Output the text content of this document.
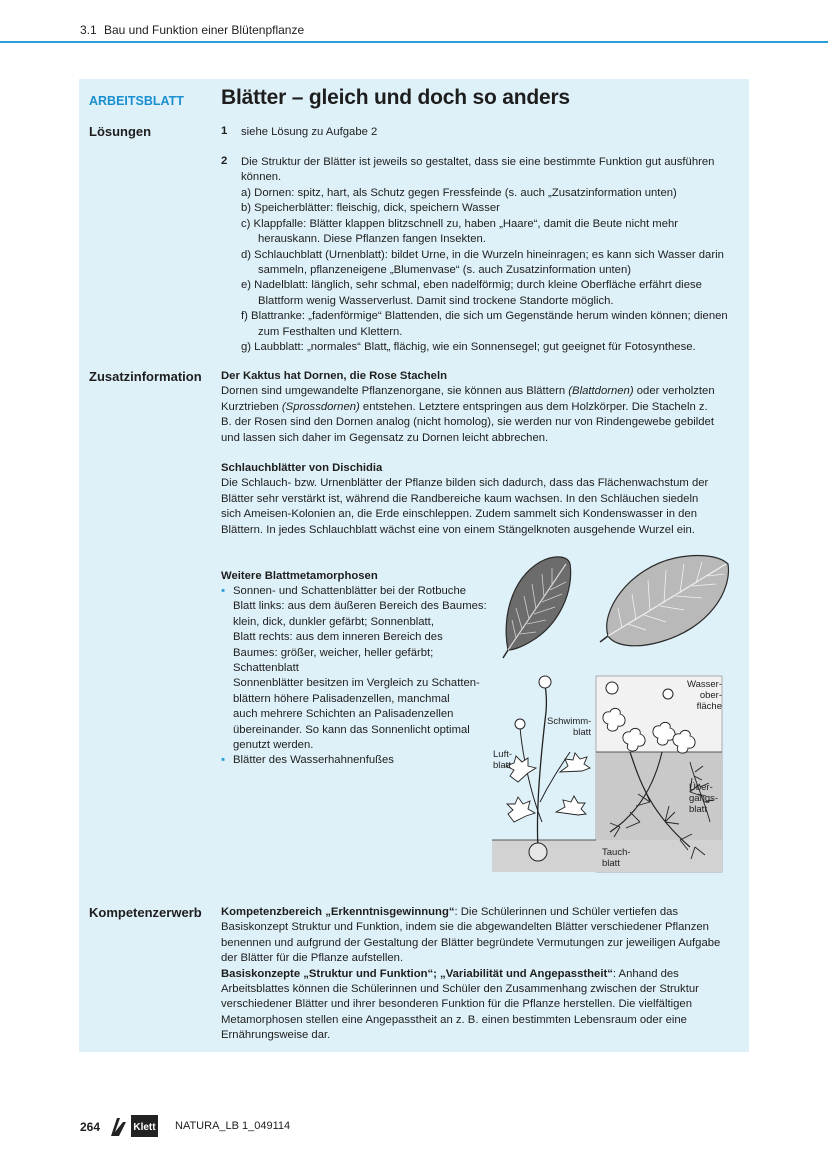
3.1 Bau und Funktion einer Blütenpflanze
ARBEITSBLATT
Lösungen
Zusatzinformation
Kompetenzerwerb
Blätter – gleich und doch so anders
1 siehe Lösung zu Aufgabe 2

2 Die Struktur der Blätter ist jeweils so gestaltet, dass sie eine bestimmte Funktion gut ausführen können.

a) Dornen: spitz, hart, als Schutz gegen Fressfeinde (s. auch „Zusatzinformation unten)
b) Speicherblätter: fleischig, dick, speichern Wasser
c) Klappfalle: Blätter klappen blitzschnell zu, haben „Haare“, damit die Beute nicht mehr herauskann. Diese Pflanzen fangen Insekten.
d) Schlauchblatt (Urnenblatt): bildet Urne, in die Wurzeln hineinragen; es kann sich Wasser darin sammeln, pflanzeneigene „Blumenvase“ (s. auch Zusatzinformation unten)
e) Nadelblatt: länglich, sehr schmal, eben nadelförmig; durch kleine Oberfläche erfährt diese Blattform wenig Wasserverlust. Damit sind trockene Standorte möglich.
f) Blattranke: „fadenförmige“ Blattenden, die sich um Gegenstände herum winden können; dienen zum Festhalten und Klettern.
g) Laubblatt: „normales“ Blatt„ flächig, wie ein Sonnensegel; gut geeignet für Fotosynthese.

Der Kaktus hat Dornen, die Rose Stacheln

Dornen sind umgewandelte Pflanzenorgane, sie können aus Blättern (Blattdornen) oder verholzten Kurztrieben (Sprossdornen) entstehen. Letztere entspringen aus dem Holzkörper. Die Stacheln z. B. der Rosen sind den Dornen analog (nicht homolog), sie werden nur von Rindengewebe gebildet und lassen sich daher im Gegensatz zu Dornen leicht abbrechen.

Schlauchblätter von Dischidia

Die Schlauch- bzw. Urnenblätter der Pflanze bilden sich dadurch, dass das Flächenwachstum der Blätter sehr verstärkt ist, während die Randbereiche kaum wachsen. In den Schläuchen siedeln sich Ameisen-Kolonien an, die Erde einschleppen. Zudem sammelt sich Kondenswasser in den Blättern. In jedes Schlauchblatt wächst eine von einem Stängelknoten ausgehende Wurzel ein.

Weitere Blattmetamorphosen

▪ Sonnen- und Schattenblätter bei der Rotbuche
Blatt links: aus dem äußeren Bereich des Baumes:
klein, dick, dunkler gefärbt; Sonnenblatt,
Blatt rechts: aus dem inneren Bereich des
Baumes: größer, weicher, heller gefärbt;
Schattenblatt
Sonnenblätter besitzen im Vergleich zu Schatten-
blättern höhere Palisadenzellen, manchmal
auch mehrere Schichten an Palisadenzellen
übereinander. So kann das Sonnenlicht optimal
genutzt werden.
▪ Blätter des Wasserhahnenfußes	Luft-
blatt
Schwimm-
blatt
Wasser-
ober-
fläche
Über-
gangs-
blatt
Tauch-
blatt

Kompetenzbereich „Erkenntnisgewinnung“: Die Schülerinnen und Schüler vertiefen das Basiskonzept Struktur und Funktion, indem sie die abgewandelten Blätter verschiedener Pflanzen benennen und aufgrund der Gestaltung der Blätter begründete Vermutungen zur jeweiligen Aufgabe der Blätter für die Pflanze aufstellen.
Basiskonzepte „Struktur und Funktion“; „Variabilität und Angepasstheit“: Anhand des Arbeitsblattes können die Schülerinnen und Schüler den Zusammenhang zwischen der Struktur verschiedener Blätter und ihrer besonderen Funktion für die Pflanze herstellen. Die vielfältigen Metamorphosen stellen eine Angepasstheit an z. B. einen bestimmten Lebensraum oder eine Ernährungsweise dar.

264	Klett NATURA_LB 1_049114
